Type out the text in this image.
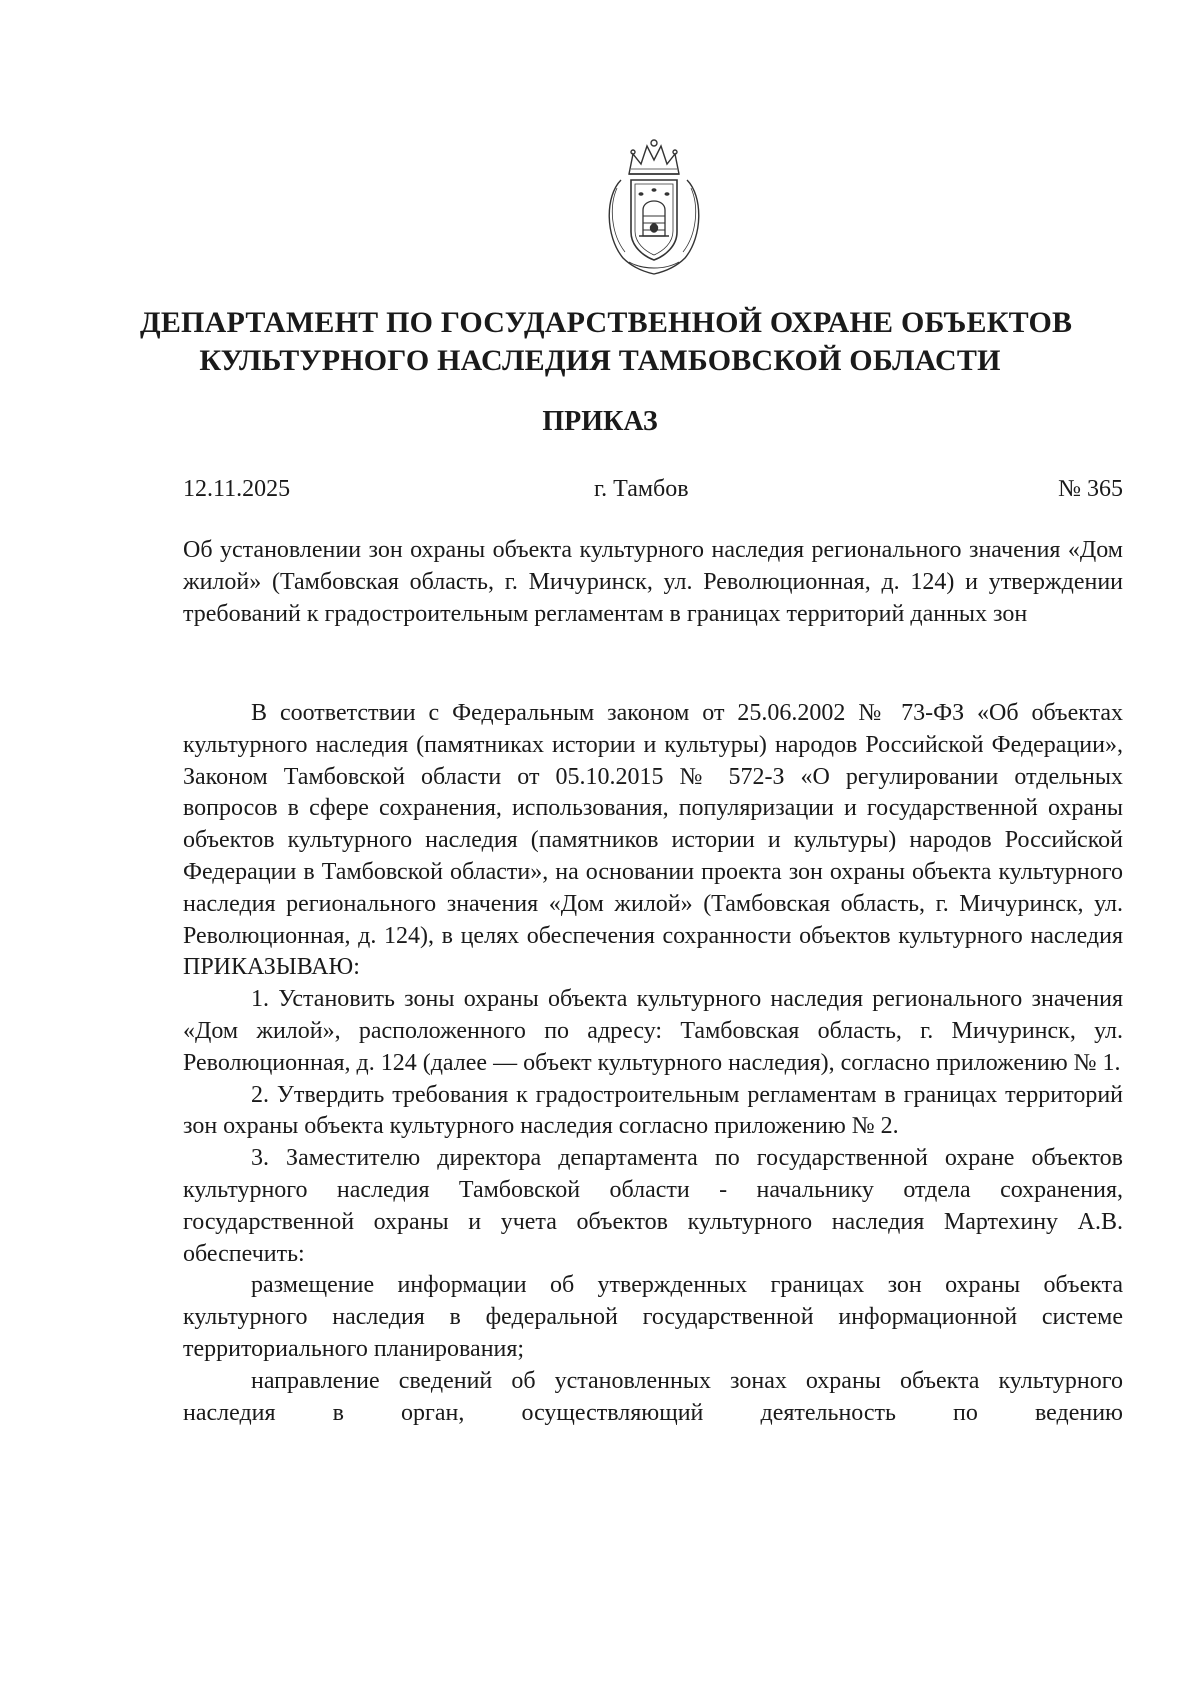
ДЕПАРТАМЕНТ ПО ГОСУДАРСТВЕННОЙ ОХРАНЕ ОБЪЕКТОВ
КУЛЬТУРНОГО НАСЛЕДИЯ ТАМБОВСКОЙ ОБЛАСТИ
ПРИКАЗ
12.11.2025	г. Тамбов	№ 365
Об установлении зон охраны объекта культурного наследия регионального значения «Дом жилой» (Тамбовская область, г. Мичуринск, ул. Революционная, д. 124) и утверждении требований к градостроительным регламентам в границах территорий данных зон

В соответствии с Федеральным законом от 25.06.2002 № 73-ФЗ «Об объектах культурного наследия (памятниках истории и культуры) народов Российской Федерации», Законом Тамбовской области от 05.10.2015 № 572-З «О регулировании отдельных вопросов в сфере сохранения, использования, популяризации и государственной охраны объектов культурного наследия (памятников истории и культуры) народов Российской Федерации в Тамбовской области», на основании проекта зон охраны объекта культурного наследия регионального значения «Дом жилой» (Тамбовская область, г. Мичуринск, ул. Революционная, д. 124), в целях обеспечения сохранности объектов культурного наследия ПРИКАЗЫВАЮ:

1. Установить зоны охраны объекта культурного наследия регионального значения «Дом жилой», расположенного по адресу: Тамбовская область, г. Мичуринск, ул. Революционная, д. 124 (далее — объект культурного наследия), согласно приложению № 1.

2. Утвердить требования к градостроительным регламентам в границах территорий зон охраны объекта культурного наследия согласно приложению № 2.

3. Заместителю директора департамента по государственной охране объектов культурного наследия Тамбовской области - начальнику отдела сохранения, государственной охраны и учета объектов культурного наследия Мартехину А.В. обеспечить:

размещение информации об утвержденных границах зон охраны объекта культурного наследия в федеральной государственной информационной системе территориального планирования;

направление сведений об установленных зонах охраны объекта культурного наследия в орган, осуществляющий деятельность по ведению
